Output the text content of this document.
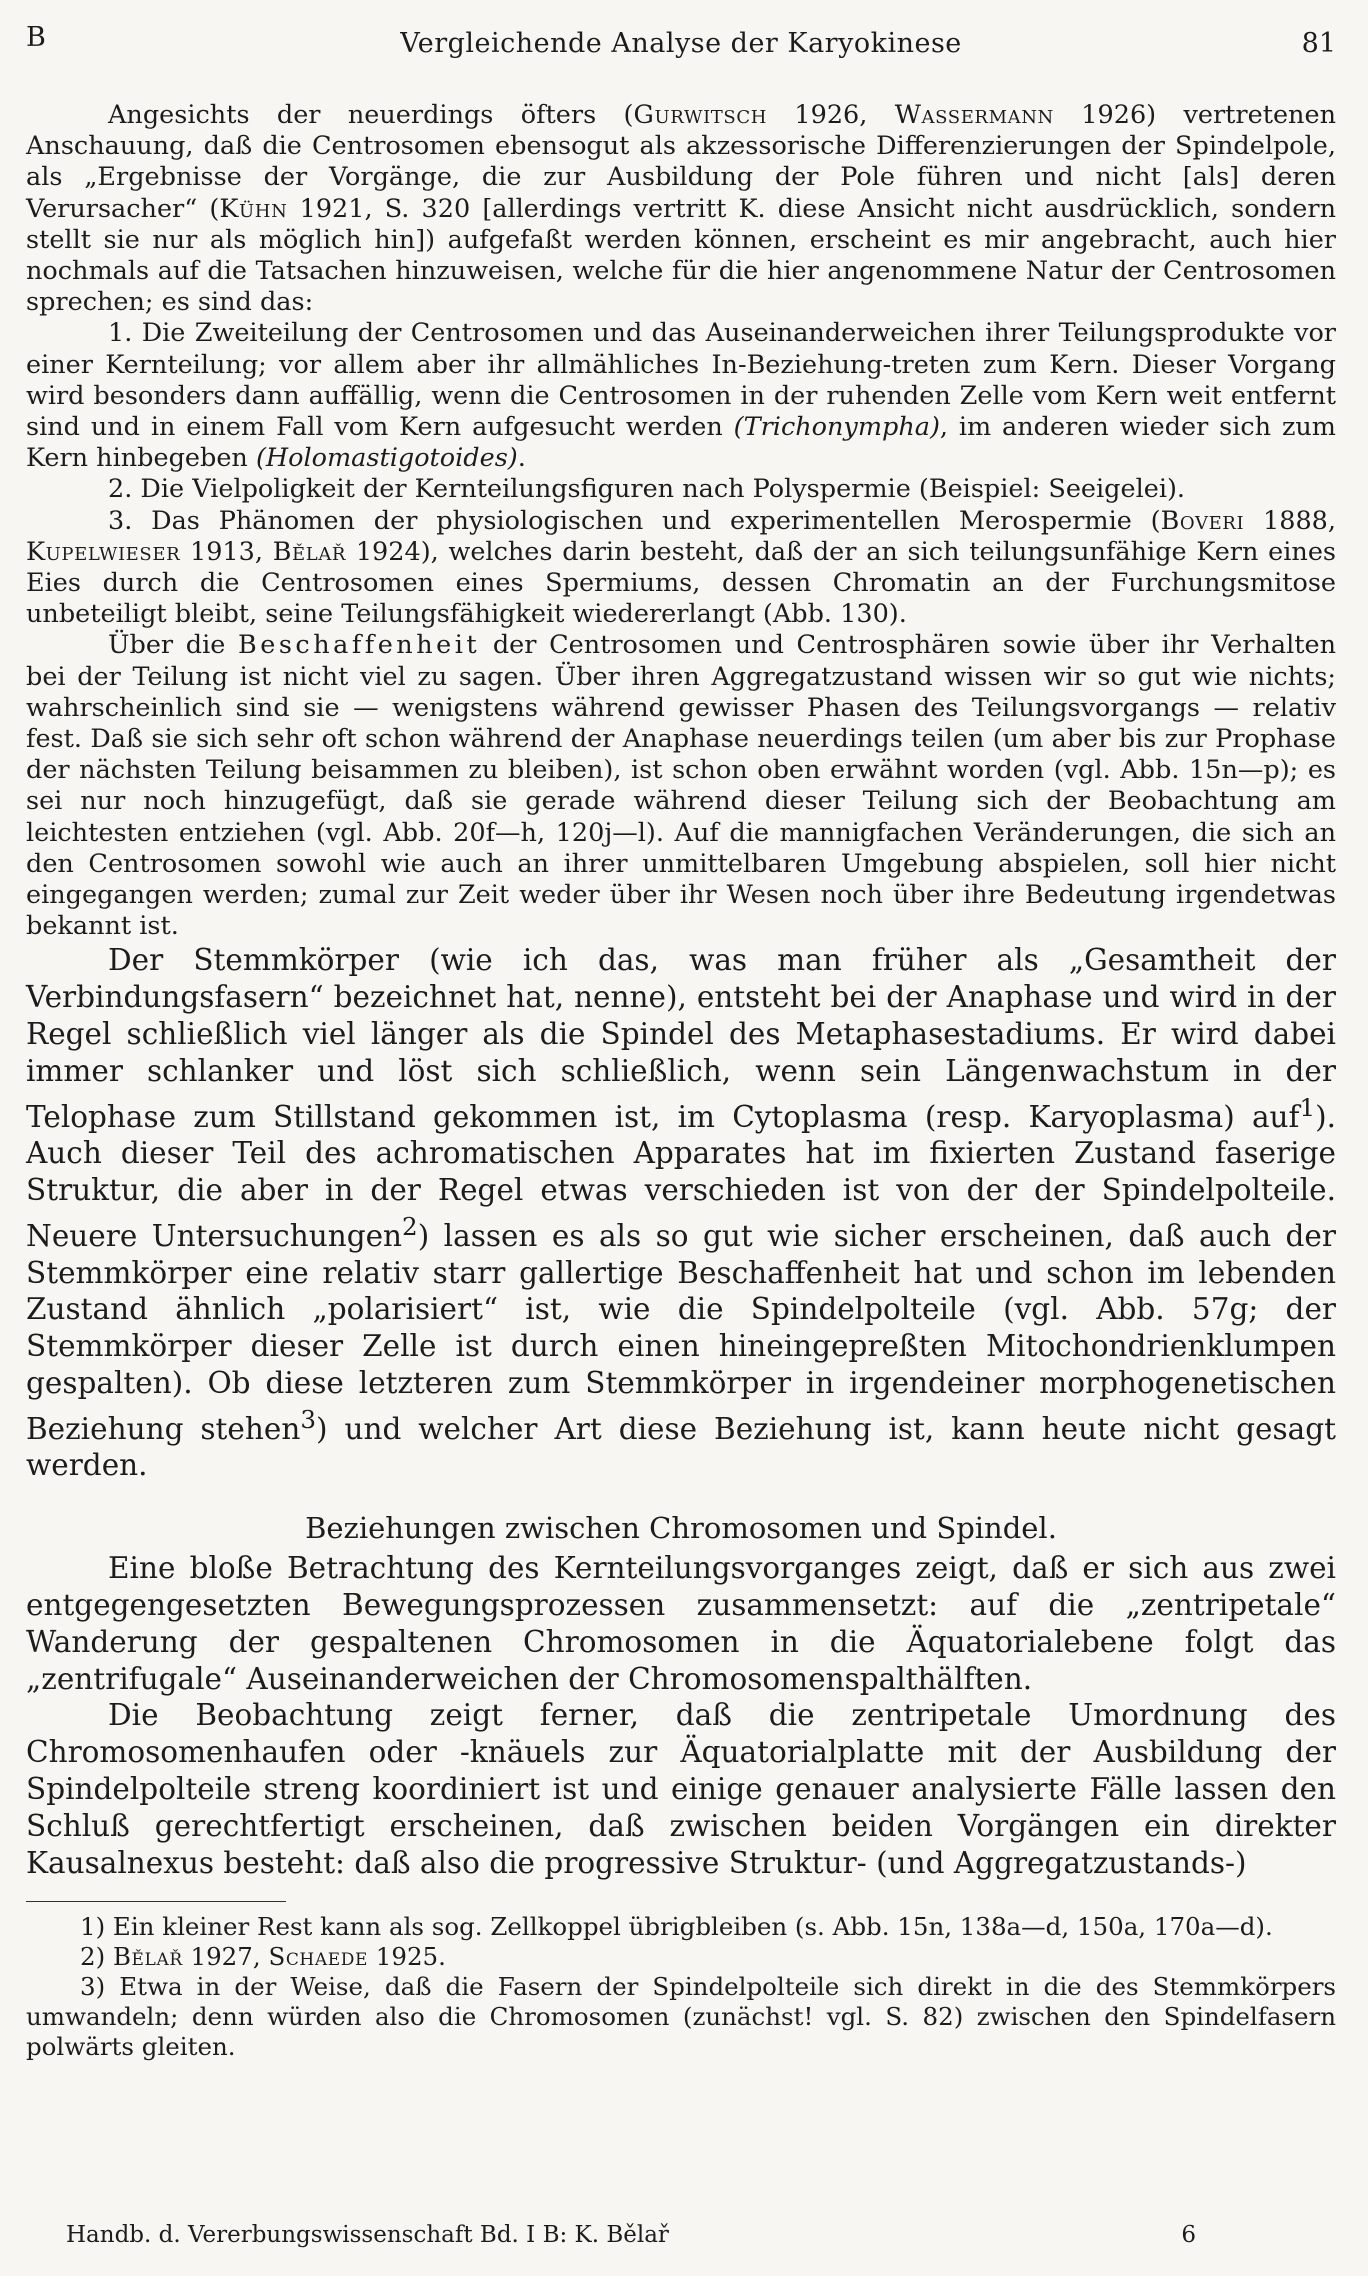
B	Vergleichende Analyse der Karyokinese	81

Angesichts der neuerdings öfters (Gurwitsch 1926, Wassermann 1926) vertretenen Anschauung, daß die Centrosomen ebensogut als akzessorische Differenzierungen der Spindelpole, als „Ergebnisse der Vorgänge, die zur Ausbildung der Pole führen und nicht [als] deren Verursacher“ (Kühn 1921, S. 320 [allerdings vertritt K. diese Ansicht nicht ausdrücklich, sondern stellt sie nur als möglich hin]) aufgefaßt werden können, erscheint es mir angebracht, auch hier nochmals auf die Tatsachen hinzuweisen, welche für die hier angenommene Natur der Centrosomen sprechen; es sind das:

1. Die Zweiteilung der Centrosomen und das Auseinanderweichen ihrer Teilungsprodukte vor einer Kernteilung; vor allem aber ihr allmähliches In-Beziehung-treten zum Kern. Dieser Vorgang wird besonders dann auffällig, wenn die Centrosomen in der ruhenden Zelle vom Kern weit entfernt sind und in einem Fall vom Kern aufgesucht werden (Trichonympha), im anderen wieder sich zum Kern hinbegeben (Holomastigotoides).

2. Die Vielpoligkeit der Kernteilungsfiguren nach Polyspermie (Beispiel: Seeigelei).

3. Das Phänomen der physiologischen und experimentellen Merospermie (Boveri 1888, Kupelwieser 1913, Bělař 1924), welches darin besteht, daß der an sich teilungsunfähige Kern eines Eies durch die Centrosomen eines Spermiums, dessen Chromatin an der Furchungsmitose unbeteiligt bleibt, seine Teilungsfähigkeit wiedererlangt (Abb. 130).

Über die Beschaffenheit der Centrosomen und Centrosphären sowie über ihr Verhalten bei der Teilung ist nicht viel zu sagen. Über ihren Aggregatzustand wissen wir so gut wie nichts; wahrscheinlich sind sie — wenigstens während gewisser Phasen des Teilungsvorgangs — relativ fest. Daß sie sich sehr oft schon während der Anaphase neuerdings teilen (um aber bis zur Prophase der nächsten Teilung beisammen zu bleiben), ist schon oben erwähnt worden (vgl. Abb. 15n—p); es sei nur noch hinzugefügt, daß sie gerade während dieser Teilung sich der Beobachtung am leichtesten entziehen (vgl. Abb. 20f—h, 120j—l). Auf die mannigfachen Veränderungen, die sich an den Centrosomen sowohl wie auch an ihrer unmittelbaren Umgebung abspielen, soll hier nicht eingegangen werden; zumal zur Zeit weder über ihr Wesen noch über ihre Bedeutung irgendetwas bekannt ist.

Der Stemmkörper (wie ich das, was man früher als „Gesamtheit der Verbindungsfasern“ bezeichnet hat, nenne), entsteht bei der Anaphase und wird in der Regel schließlich viel länger als die Spindel des Metaphasestadiums. Er wird dabei immer schlanker und löst sich schließlich, wenn sein Längenwachstum in der Telophase zum Stillstand gekommen ist, im Cytoplasma (resp. Karyoplasma) auf$^1$). Auch dieser Teil des achromatischen Apparates hat im fixierten Zustand faserige Struktur, die aber in der Regel etwas verschieden ist von der der Spindelpolteile. Neuere Untersuchungen$^2$) lassen es als so gut wie sicher erscheinen, daß auch der Stemmkörper eine relativ starr gallertige Beschaffenheit hat und schon im lebenden Zustand ähnlich „polarisiert“ ist, wie die Spindelpolteile (vgl. Abb. 57g; der Stemmkörper dieser Zelle ist durch einen hineingepreßten Mitochondrienklumpen gespalten). Ob diese letzteren zum Stemmkörper in irgendeiner morphogenetischen Beziehung stehen$^3$) und welcher Art diese Beziehung ist, kann heute nicht gesagt werden.

Beziehungen zwischen Chromosomen und Spindel.

Eine bloße Betrachtung des Kernteilungsvorganges zeigt, daß er sich aus zwei entgegengesetzten Bewegungsprozessen zusammensetzt: auf die „zentripetale“ Wanderung der gespaltenen Chromosomen in die Äquatorialebene folgt das „zentrifugale“ Auseinanderweichen der Chromosomenspalthälften.

Die Beobachtung zeigt ferner, daß die zentripetale Umordnung des Chromosomenhaufen oder -knäuels zur Äquatorialplatte mit der Ausbildung der Spindelpolteile streng koordiniert ist und einige genauer analysierte Fälle lassen den Schluß gerechtfertigt erscheinen, daß zwischen beiden Vorgängen ein direkter Kausalnexus besteht: daß also die progressive Struktur- (und Aggregatzustands-)

1) Ein kleiner Rest kann als sog. Zellkoppel übrigbleiben (s. Abb. 15n, 138a—d, 150a, 170a—d).

2) Bělař 1927, Schaede 1925.

3) Etwa in der Weise, daß die Fasern der Spindelpolteile sich direkt in die des Stemmkörpers umwandeln; denn würden also die Chromosomen (zunächst! vgl. S. 82) zwischen den Spindelfasern polwärts gleiten.

Handb. d. Vererbungswissenschaft Bd. I B: K. Bělař	6
